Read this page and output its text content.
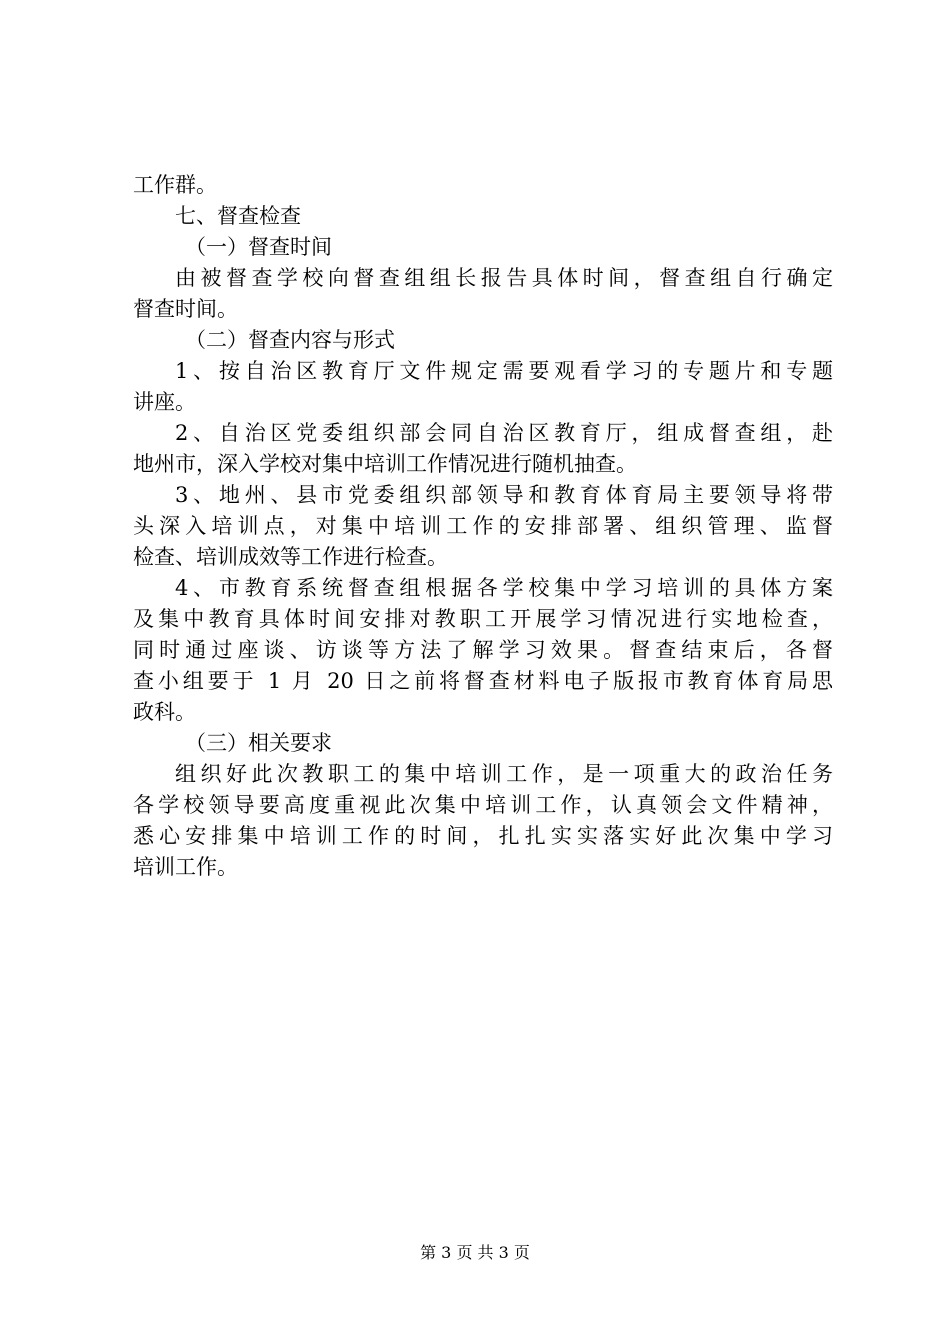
工作群。
七、督查检查
（一）督查时间
由被督查学校向督查组组长报告具体时间，督查组自行确定
督查时间。
（二）督查内容与形式
1、按自治区教育厅文件规定需要观看学习的专题片和专题
讲座。
2、自治区党委组织部会同自治区教育厅，组成督查组，赴
地州市，深入学校对集中培训工作情况进行随机抽查。
3、地州、县市党委组织部领导和教育体育局主要领导将带
头深入培训点，对集中培训工作的安排部署、组织管理、监督
检查、培训成效等工作进行检查。
4、市教育系统督查组根据各学校集中学习培训的具体方案
及集中教育具体时间安排对教职工开展学习情况进行实地检查，
同时通过座谈、访谈等方法了解学习效果。督查结束后，各督
查小组要于 1 月 20 日之前将督查材料电子版报市教育体育局思
政科。
（三）相关要求
组织好此次教职工的集中培训工作，是一项重大的政治任务
各学校领导要高度重视此次集中培训工作，认真领会文件精神，
悉心安排集中培训工作的时间，扎扎实实落实好此次集中学习
培训工作。
第 3 页 共 3 页
